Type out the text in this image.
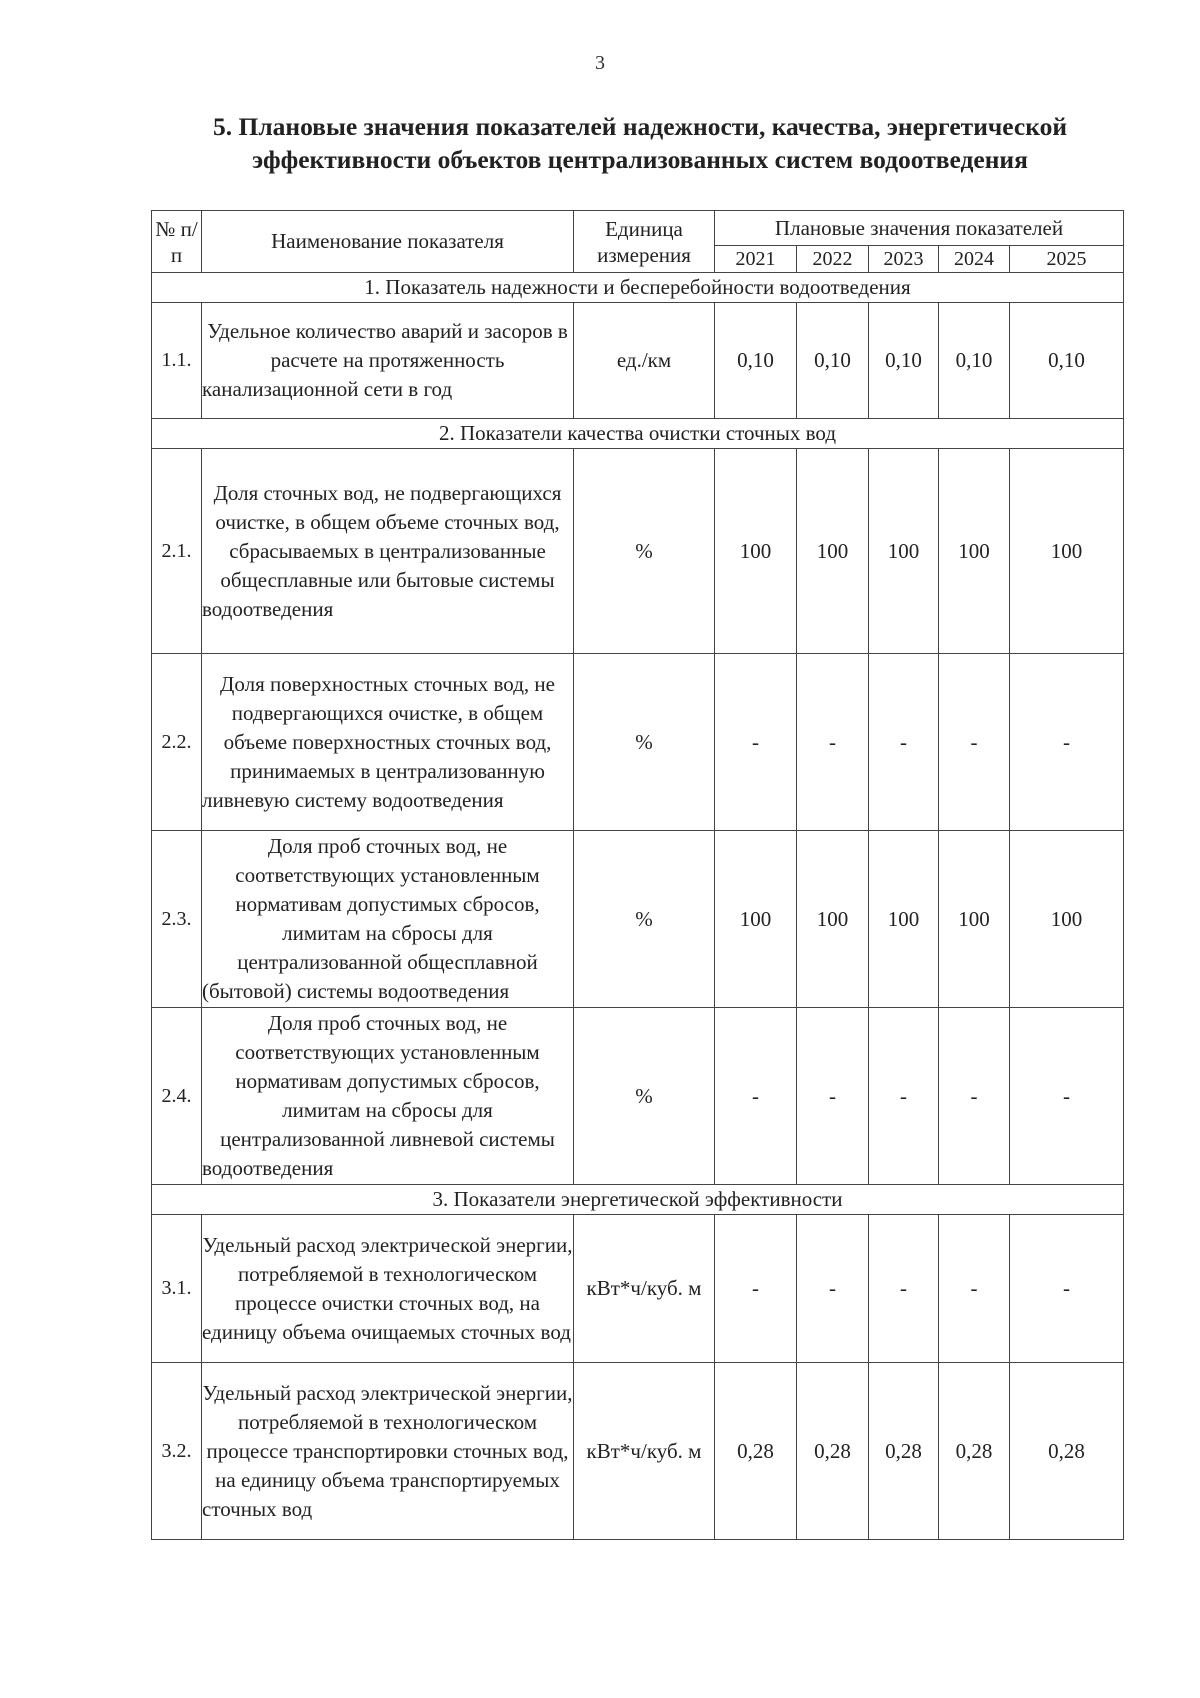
3
5. Плановые значения показателей надежности, качества, энергетической эффективности объектов централизованных систем водоотведения
№ п/п	Наименование показателя	Единица измерения	Плановые значения показателей				
			2021	2022	2023	2024	2025
1. Показатель надежности и бесперебойности водоотведения							
1.1.	Удельное количество аварий и засоров в расчете на протяженность канализационной сети в год	ед./км	0,10	0,10	0,10	0,10	0,10
2. Показатели качества очистки сточных вод							
2.1.	Доля сточных вод, не подвергающихся очистке, в общем объеме сточных вод, сбрасываемых в централизованные общесплавные или бытовые системы водоотведения	%	100	100	100	100	100
2.2.	Доля поверхностных сточных вод, не подвергающихся очистке, в общем объеме поверхностных сточных вод, принимаемых в централизованную ливневую систему водоотведения	%	-	-	-	-	-
2.3.	Доля проб сточных вод, не соответствующих установленным нормативам допустимых сбросов, лимитам на сбросы для централизованной общесплавной (бытовой) системы водоотведения	%	100	100	100	100	100
2.4.	Доля проб сточных вод, не соответствующих установленным нормативам допустимых сбросов, лимитам на сбросы для централизованной ливневой системы водоотведения	%	-	-	-	-	-
3. Показатели энергетической эффективности							
3.1.	Удельный расход электрической энергии, потребляемой в технологическом процессе очистки сточных вод, на единицу объема очищаемых сточных вод	кВт*ч/куб. м	-	-	-	-	-
3.2.	Удельный расход электрической энергии, потребляемой в технологическом процессе транспортировки сточных вод, на единицу объема транспортируемых сточных вод	кВт*ч/куб. м	0,28	0,28	0,28	0,28	0,28
